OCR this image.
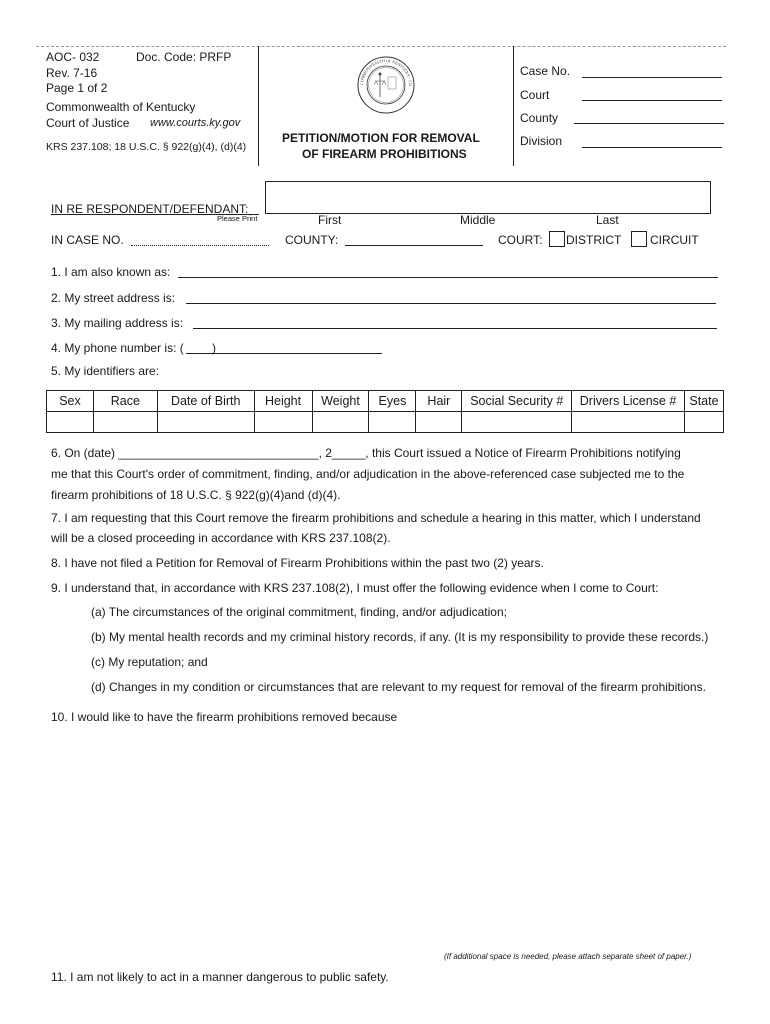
AOC- 032	Doc. Code: PRFP
Rev. 7-16
Page 1 of 2
Commonwealth of Kentucky
Court of Justice www.courts.ky.gov
KRS 237.108; 18 U.S.C. § 922(g)(4), (d)(4)
COMMONWEALTH OF KENTUCKY · CO
PETITION/MOTION FOR REMOVAL
OF FIREARM PROHIBITIONS
Case No.
Court
County
Division
IN RE RESPONDENT/DEFENDANT:
Please Print	First	Middle	Last
IN CASE NO.	COUNTY:	COURT: DISTRICT CIRCUIT
1. I am also known as:
2. My street address is:
3. My mailing address is:
4. My phone number is: ( )
5. My identifiers are:
Sex	Race	Date of Birth	Height	Weight	Eyes	Hair	Social Security #	Drivers License #	State

6. On (date) ______________________________, 2_____, this Court issued a Notice of Firearm Prohibitions notifying
me that this Court's order of commitment, finding, and/or adjudication in the above-referenced case subjected me to the
firearm prohibitions of 18 U.S.C. § 922(g)(4)and (d)(4).
7. I am requesting that this Court remove the firearm prohibitions and schedule a hearing in this matter, which I understand
will be a closed proceeding in accordance with KRS 237.108(2).
8. I have not filed a Petition for Removal of Firearm Prohibitions within the past two (2) years.
9. I understand that, in accordance with KRS 237.108(2), I must offer the following evidence when I come to Court:
(a) The circumstances of the original commitment, finding, and/or adjudication;
(b) My mental health records and my criminal history records, if any. (It is my responsibility to provide these records.)
(c) My reputation; and
(d) Changes in my condition or circumstances that are relevant to my request for removal of the firearm prohibitions.
10. I would like to have the firearm prohibitions removed because
(If additional space is needed, please attach separate sheet of paper.)
11. I am not likely to act in a manner dangerous to public safety.
